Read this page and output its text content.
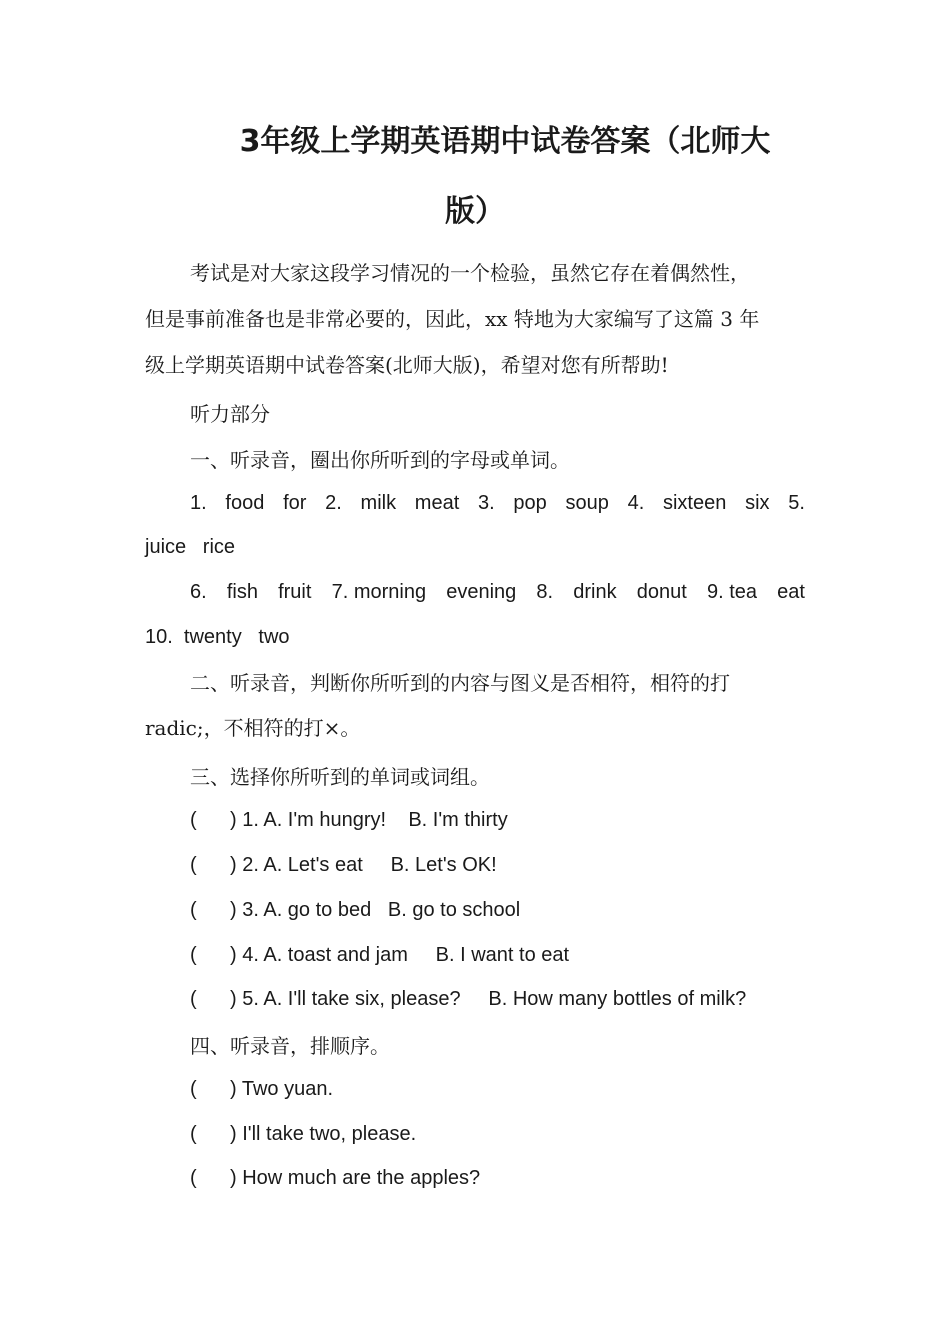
3年级上学期英语期中试卷答案（北师大
版）
考试是对大家这段学习情况的一个检验，虽然它存在着偶然性，
但是事前准备也是非常必要的，因此，xx 特地为大家编写了这篇 3 年
级上学期英语期中试卷答案(北师大版)，希望对您有所帮助!
听力部分
一、听录音，圈出你所听到的字母或单词。
1. food for 2. milk meat 3. pop soup 4. sixteen six 5.
juice   rice
6. fish fruit 7. morning evening 8. drink donut 9. tea eat
10.  twenty   two
二、听录音，判断你所听到的内容与图义是否相符，相符的打
radic;，不相符的打×。
三、选择你所听到的单词或词组。
( ) 1. A. I'm hungry!    B. I'm thirty
( ) 2. A. Let's eat     B. Let's OK!
( ) 3. A. go to bed   B. go to school
( ) 4. A. toast and jam     B. I want to eat
( ) 5. A. I'll take six, please?     B. How many bottles of milk?
四、听录音，排顺序。
( ) Two yuan.
( ) I'll take two, please.
( ) How much are the apples?
